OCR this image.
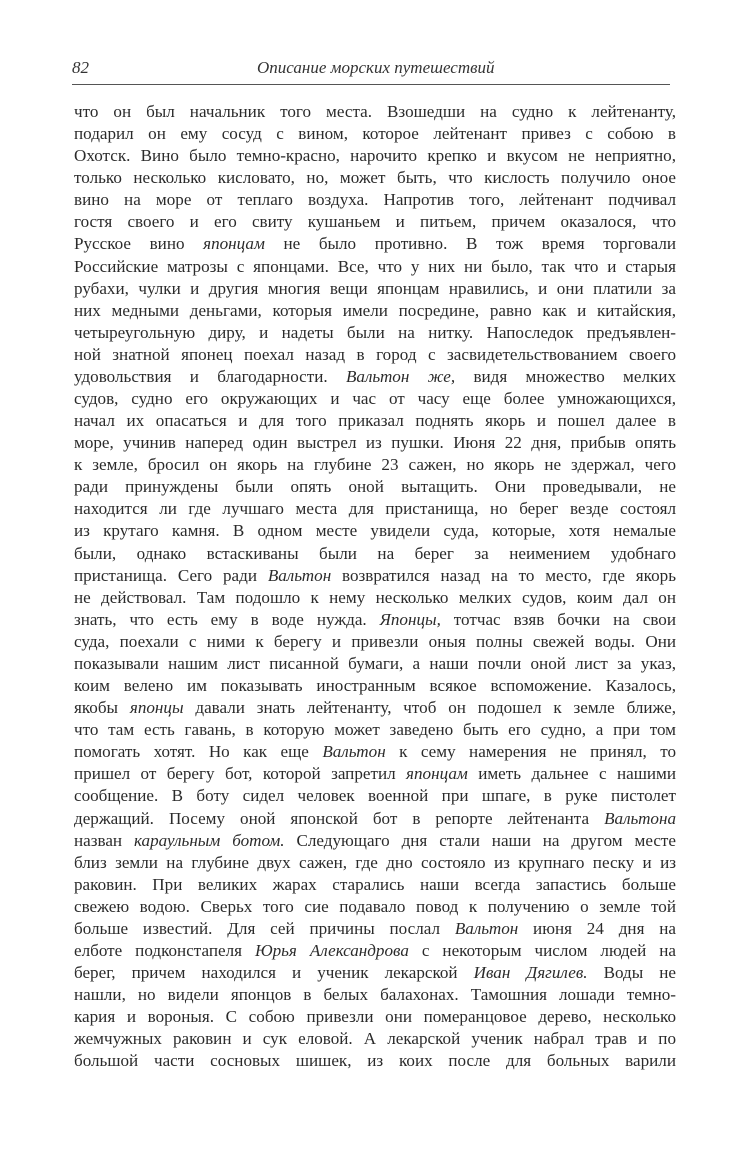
82	Описание морских путешествий
что он был начальник того места. Взошедши на судно к лейтенанту,
подарил он ему сосуд с вином, которое лейтенант привез с собою в
Охотск. Вино было темно-красно, нарочито крепко и вкусом не неприятно,
только несколько кисловато, но, может быть, что кислость получило оное
вино на море от теплаго воздуха. Напротив того, лейтенант подчивал
гостя своего и его свиту кушаньем и питьем, причем оказалося, что
Русское вино японцам не было противно. В тож время торговали
Российские матрозы с японцами. Все, что у них ни было, так что и старыя
рубахи, чулки и другия многия вещи японцам нравились, и они платили за
них медными деньгами, которыя имели посредине, равно как и китайския,
четыреугольную диру, и надеты были на нитку. Напоследок предъявлен-
ной знатной японец поехал назад в город с засвидетельствованием своего
удовольствия и благодарности. Вальтон же, видя множество мелких
судов, судно его окружающих и час от часу еще более умножающихся,
начал их опасаться и для того приказал поднять якорь и пошел далее в
море, учинив наперед один выстрел из пушки. Июня 22 дня, прибыв опять
к земле, бросил он якорь на глубине 23 сажен, но якорь не здержал, чего
ради принуждены были опять оной вытащить. Они проведывали, не
находится ли где лучшаго места для пристанища, но берег везде состоял
из крутаго камня. В одном месте увидели суда, которые, хотя немалые
были, однако встаскиваны были на берег за неимением удобнаго
пристанища. Сего ради Вальтон возвратился назад на то место, где якорь
не действовал. Там подошло к нему несколько мелких судов, коим дал он
знать, что есть ему в воде нужда. Японцы, тотчас взяв бочки на свои
суда, поехали с ними к берегу и привезли оныя полны свежей воды. Они
показывали нашим лист писанной бумаги, а наши почли оной лист за указ,
коим велено им показывать иностранным всякое вспоможение. Казалось,
якобы японцы давали знать лейтенанту, чтоб он подошел к земле ближе,
что там есть гавань, в которую может заведено быть его судно, а при том
помогать хотят. Но как еще Вальтон к сему намерения не принял, то
пришел от берегу бот, которой запретил японцам иметь дальнее с нашими
сообщение. В боту сидел человек военной при шпаге, в руке пистолет
держащий. Посему оной японской бот в репорте лейтенанта Вальтона
назван караульным ботом. Следующаго дня стали наши на другом месте
близ земли на глубине двух сажен, где дно состояло из крупнаго песку и из
раковин. При великих жарах старались наши всегда запастись больше
свежею водою. Сверьх того сие подавало повод к получению о земле той
больше известий. Для сей причины послал Вальтон июня 24 дня на
елботе подконстапеля Юрья Александрова с некоторым числом людей на
берег, причем находился и ученик лекарской Иван Дягилев. Воды не
нашли, но видели японцов в белых балахонах. Тамошния лошади темно-
кария и вороныя. С собою привезли они померанцовое дерево, несколько
жемчужных раковин и сук еловой. А лекарской ученик набрал трав и по
большой части сосновых шишек, из коих после для больных варили
